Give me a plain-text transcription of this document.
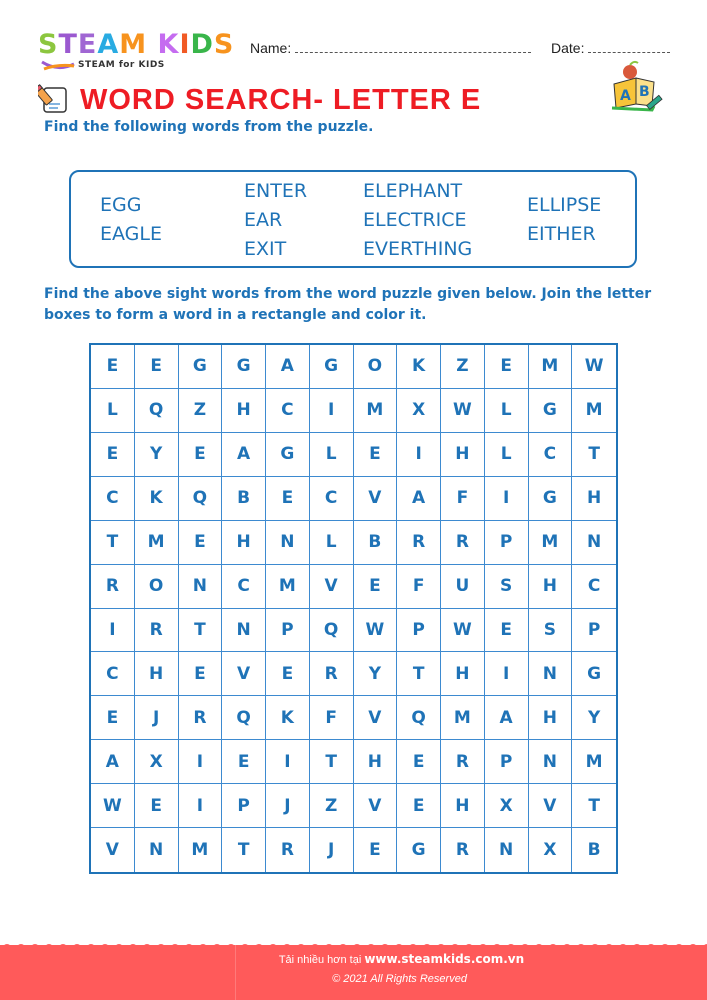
STEAM KIDS
STEAM for KIDS
Name:	Date:
WORD SEARCH- LETTER E	A B
Find the following words from the puzzle.
EGG
EAGLE
ENTER
EAR
EXIT
ELEPHANT
ELECTRICE
EVERTHING
ELLIPSE
EITHER
Find the above sight words from the word puzzle given below. Join the letter boxes to form a word in a rectangle and color it.
E	E	G	G	A	G	O	K	Z	E	M	W
L	Q	Z	H	C	I	M	X	W	L	G	M
E	Y	E	A	G	L	E	I	H	L	C	T
C	K	Q	B	E	C	V	A	F	I	G	H
T	M	E	H	N	L	B	R	R	P	M	N
R	O	N	C	M	V	E	F	U	S	H	C
I	R	T	N	P	Q	W	P	W	E	S	P
C	H	E	V	E	R	Y	T	H	I	N	G
E	J	R	Q	K	F	V	Q	M	A	H	Y
A	X	I	E	I	T	H	E	R	P	N	M
W	E	I	P	J	Z	V	E	H	X	V	T
V	N	M	T	R	J	E	G	R	N	X	B
Tải nhiều hơn tại www.steamkids.com.vn
© 2021 All Rights Reserved
